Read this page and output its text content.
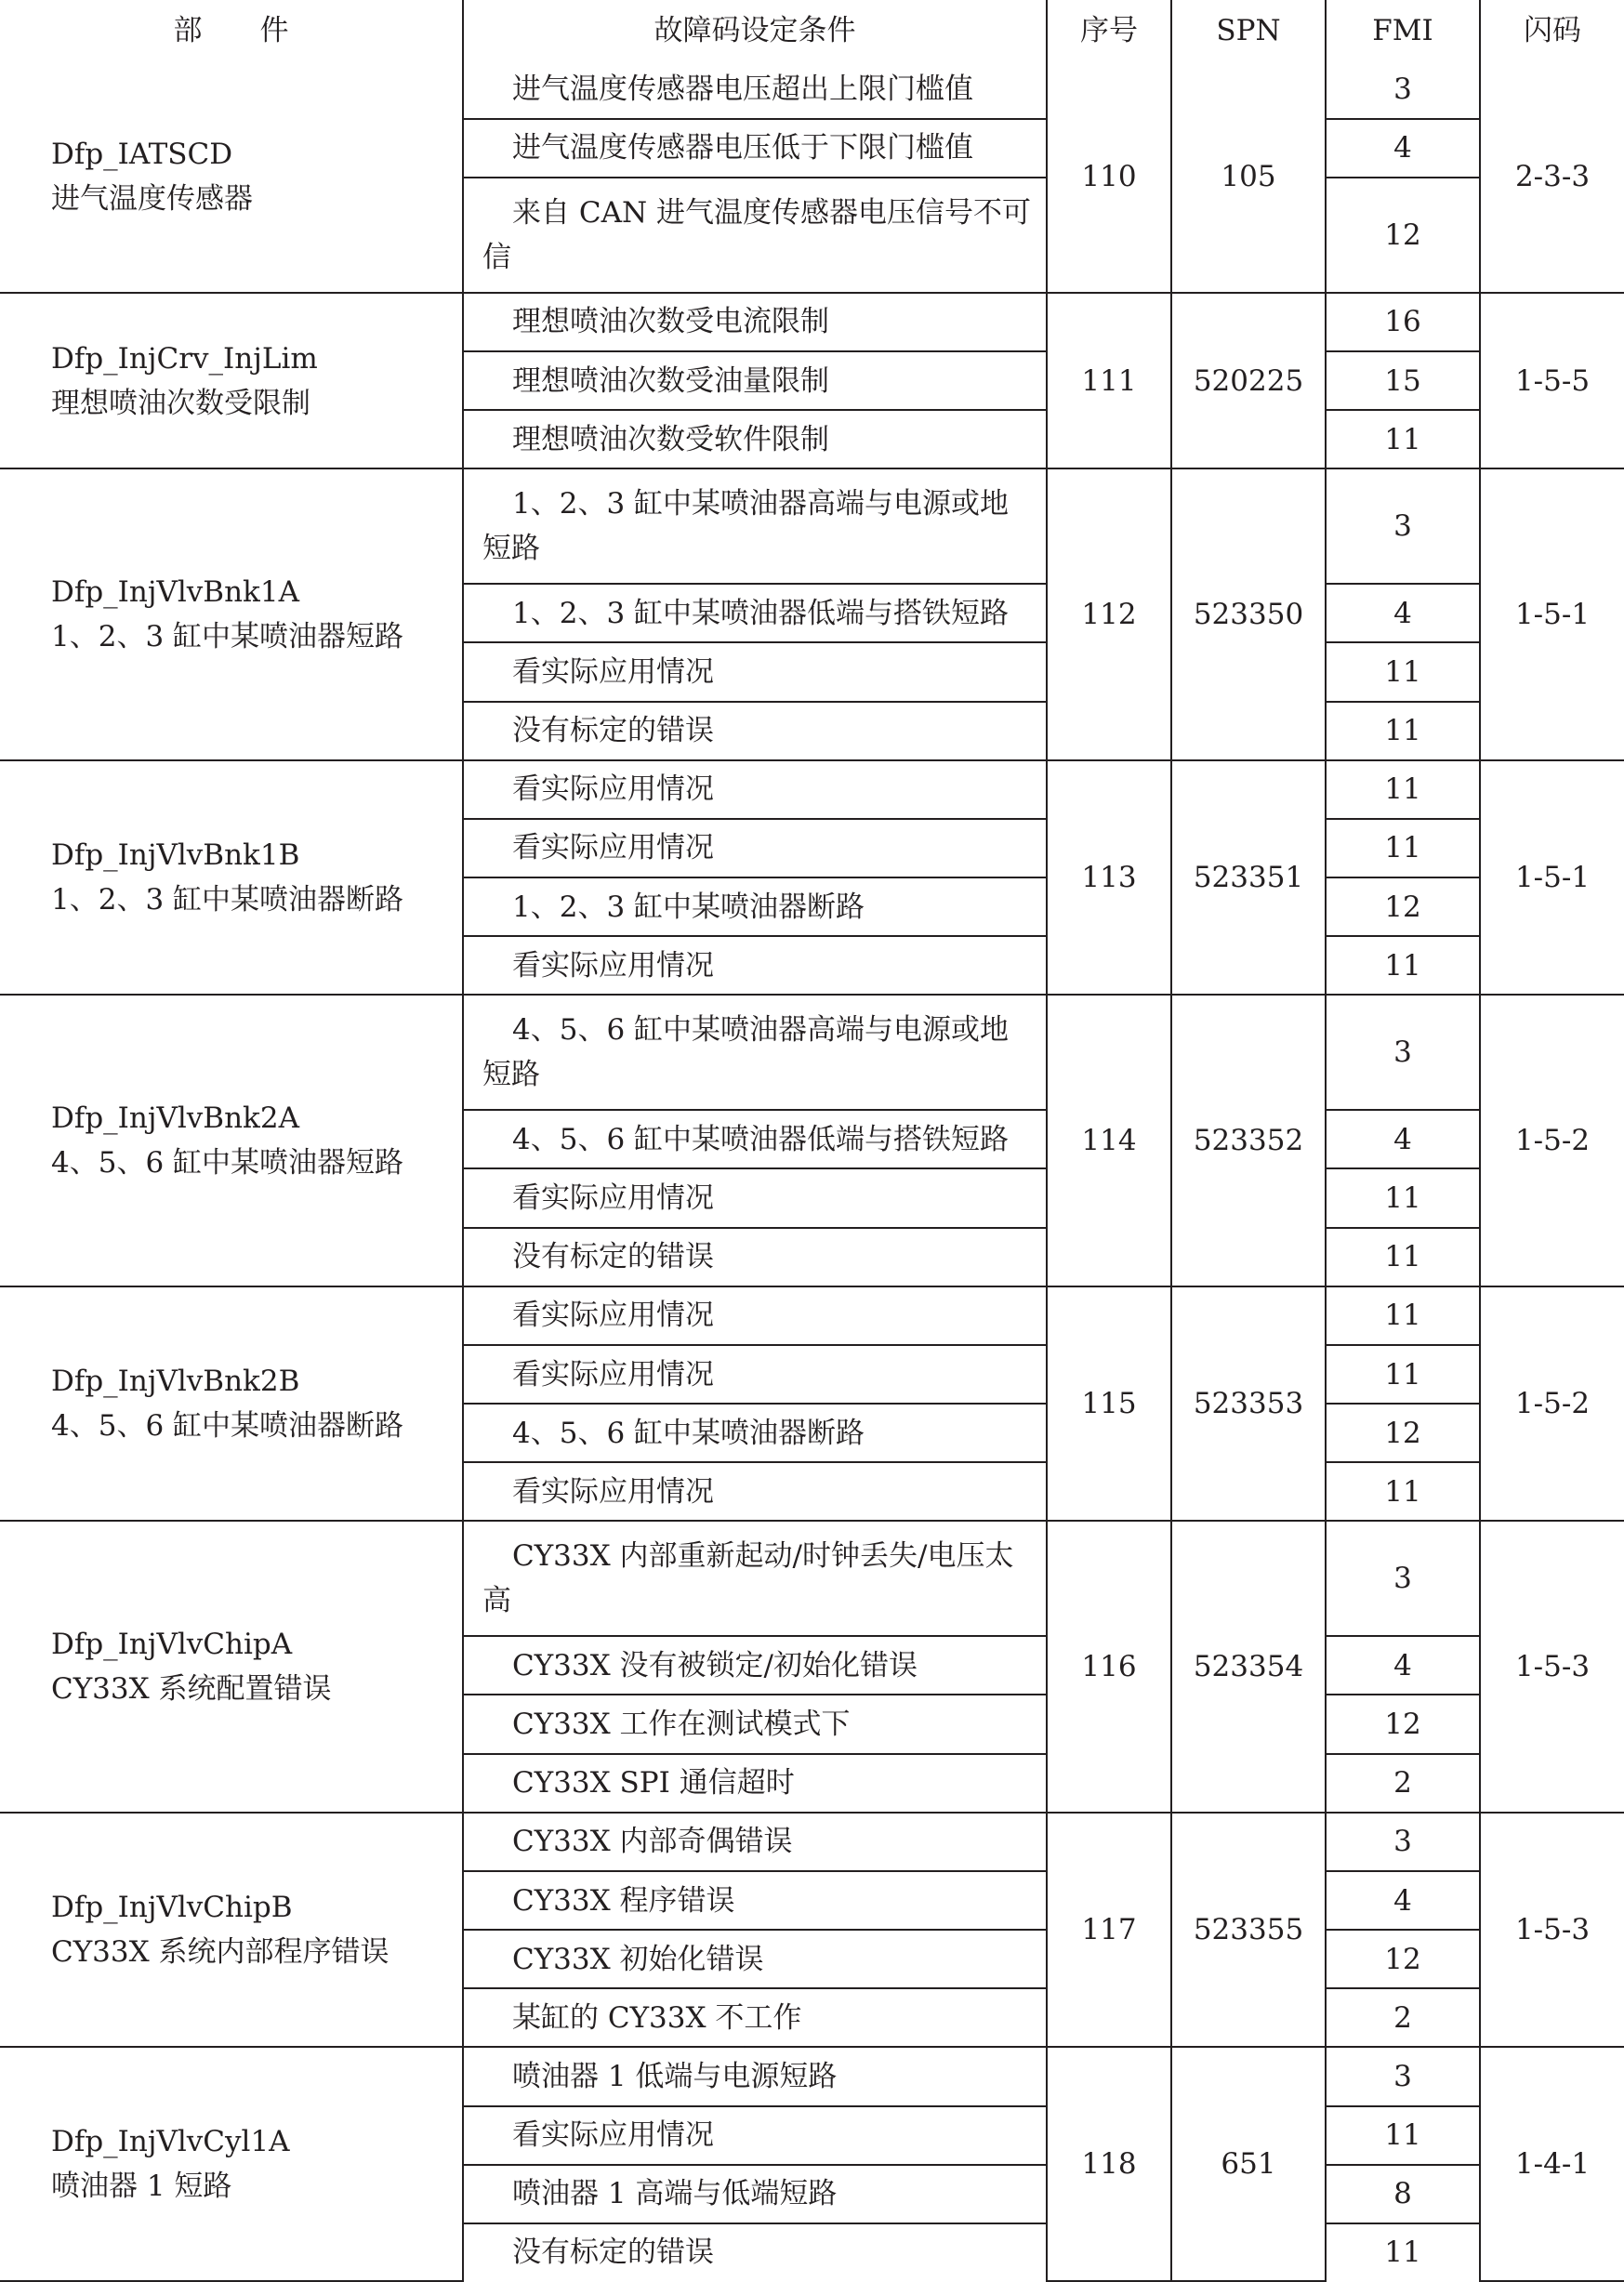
部　　件	故障码设定条件	序号	SPN	FMI	闪码

Dfp_IATSCD
进气温度传感器	进气温度传感器电压超出上限门槛值	110	105	3	2-3-3
	进气温度传感器电压低于下限门槛值			4	
	来自 CAN 进气温度传感器电压信号不可信			12	

Dfp_InjCrv_InjLim
理想喷油次数受限制	理想喷油次数受电流限制	111	520225	16	1-5-5
	理想喷油次数受油量限制			15	
	理想喷油次数受软件限制			11	

Dfp_InjVlvBnk1A
1、2、3 缸中某喷油器短路	1、2、3 缸中某喷油器高端与电源或地短路	112	523350	3	1-5-1
	1、2、3 缸中某喷油器低端与搭铁短路			4	
	看实际应用情况			11	
	没有标定的错误			11	

Dfp_InjVlvBnk1B
1、2、3 缸中某喷油器断路	看实际应用情况	113	523351	11	1-5-1
	看实际应用情况			11	
	1、2、3 缸中某喷油器断路			12	
	看实际应用情况			11	

Dfp_InjVlvBnk2A
4、5、6 缸中某喷油器短路	4、5、6 缸中某喷油器高端与电源或地短路	114	523352	3	1-5-2
	4、5、6 缸中某喷油器低端与搭铁短路			4	
	看实际应用情况			11	
	没有标定的错误			11	

Dfp_InjVlvBnk2B
4、5、6 缸中某喷油器断路	看实际应用情况	115	523353	11	1-5-2
	看实际应用情况			11	
	4、5、6 缸中某喷油器断路			12	
	看实际应用情况			11	

Dfp_InjVlvChipA
CY33X 系统配置错误	CY33X 内部重新起动/时钟丢失/电压太高	116	523354	3	1-5-3
	CY33X 没有被锁定/初始化错误			4	
	CY33X 工作在测试模式下			12	
	CY33X SPI 通信超时			2	

Dfp_InjVlvChipB
CY33X 系统内部程序错误	CY33X 内部奇偶错误	117	523355	3	1-5-3
	CY33X 程序错误			4	
	CY33X 初始化错误			12	
	某缸的 CY33X 不工作			2	

Dfp_InjVlvCyl1A
喷油器 1 短路	喷油器 1 低端与电源短路	118	651	3	1-4-1
	看实际应用情况			11	
	喷油器 1 高端与低端短路			8	
	没有标定的错误			11	
